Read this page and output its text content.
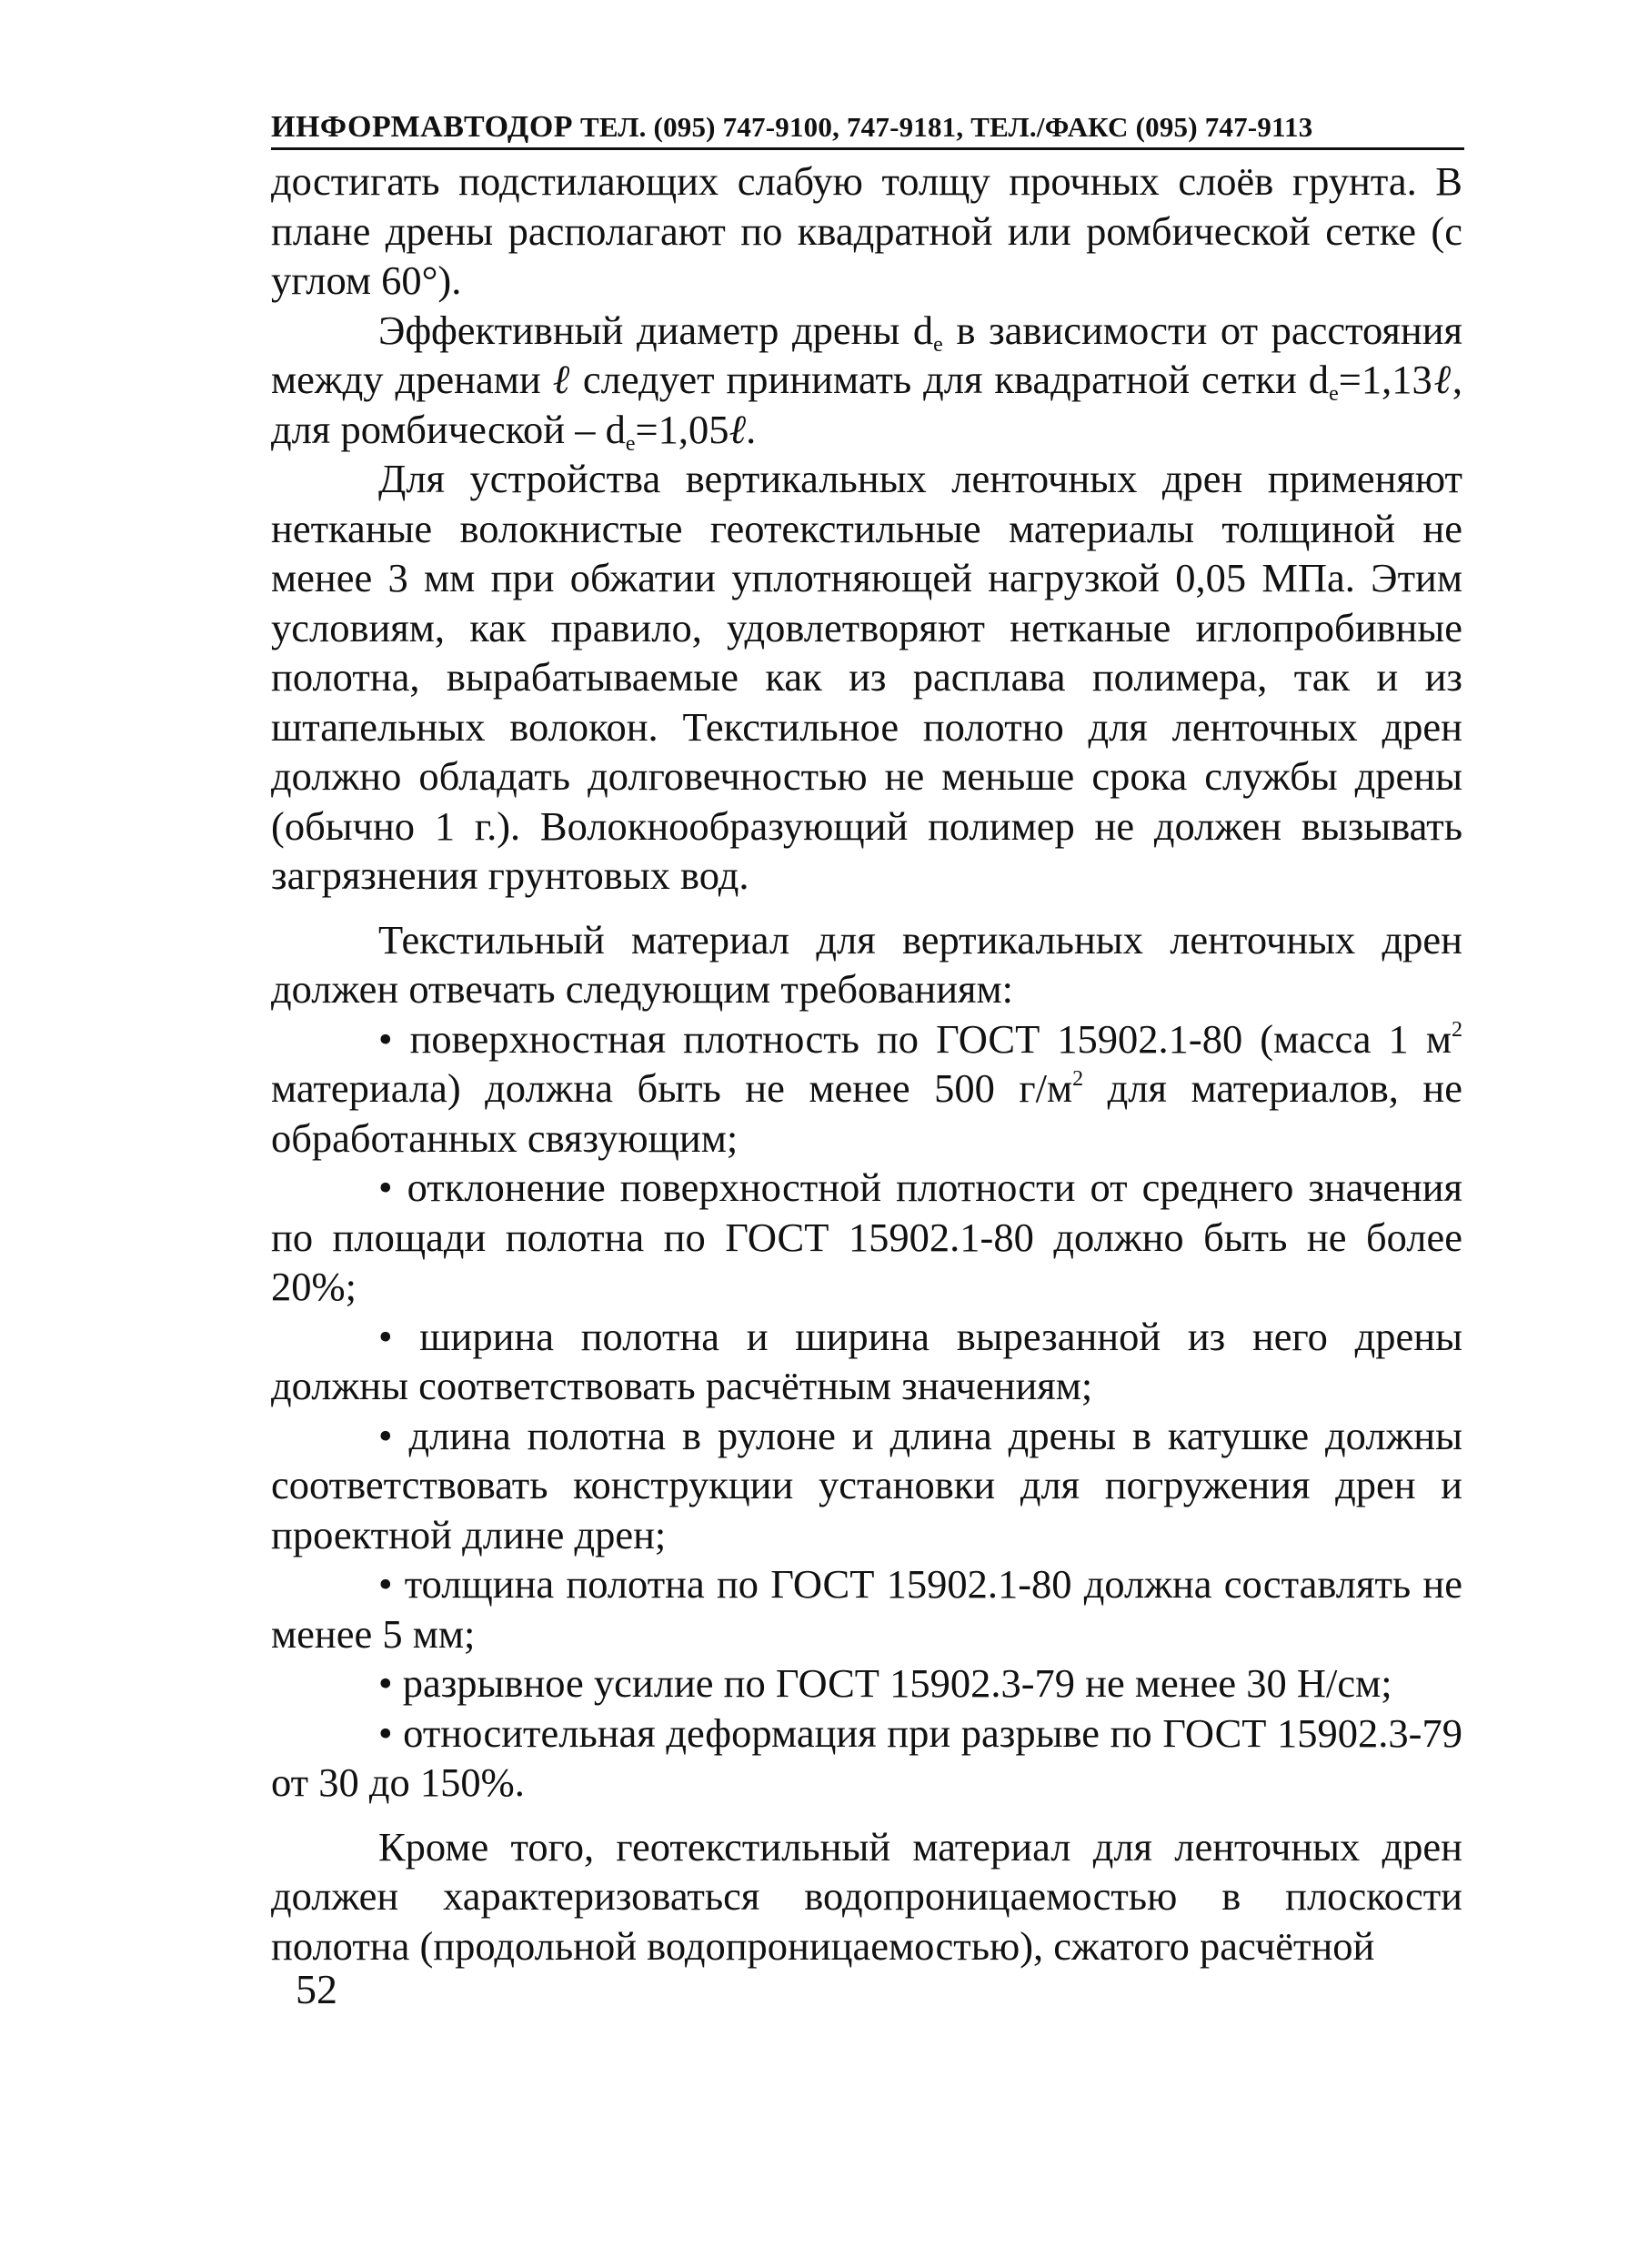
ИНФОРМАВТОДОР ТЕЛ. (095) 747-9100, 747-9181, ТЕЛ./ФАКС (095) 747-9113

достигать подстилающих слабую толщу прочных слоёв грунта. В плане дрены располагают по квадратной или ромбической сетке (с углом 60°).

Эффективный диаметр дрены $d_e$ в зависимости от расстояния между дренами ℓ следует принимать для квадратной сетки $d_e=1,13\ell$, для ромбической – $d_e=1,05\ell$.

Для устройства вертикальных ленточных дрен применяют нетканые волокнистые геотекстильные материалы толщиной не менее 3 мм при обжатии уплотняющей нагрузкой 0,05 МПа. Этим условиям, как правило, удовлетворяют нетканые иглопробивные полотна, вырабатываемые как из расплава полимера, так и из штапельных волокон. Текстильное полотно для ленточных дрен должно обладать долговечностью не меньше срока службы дрены (обычно 1 г.). Волокнообразующий полимер не должен вызывать загрязнения грунтовых вод.

Текстильный материал для вертикальных ленточных дрен должен отвечать следующим требованиям:

• поверхностная плотность по ГОСТ 15902.1-80 (масса 1 $м^2$ материала) должна быть не менее 500 $г/м^2$ для материалов, не обработанных связующим;

• отклонение поверхностной плотности от среднего значения по площади полотна по ГОСТ 15902.1-80 должно быть не более 20%;

• ширина полотна и ширина вырезанной из него дрены должны соответствовать расчётным значениям;

• длина полотна в рулоне и длина дрены в катушке должны соответствовать конструкции установки для погружения дрен и проектной длине дрен;

• толщина полотна по ГОСТ 15902.1-80 должна составлять не менее 5 мм;

• разрывное усилие по ГОСТ 15902.3-79 не менее 30 Н/см;

• относительная деформация при разрыве по ГОСТ 15902.3-79 от 30 до 150%.

Кроме того, геотекстильный материал для ленточных дрен должен характеризоваться водопроницаемостью в плоскости полотна (продольной водопроницаемостью), сжатого расчётной

52
